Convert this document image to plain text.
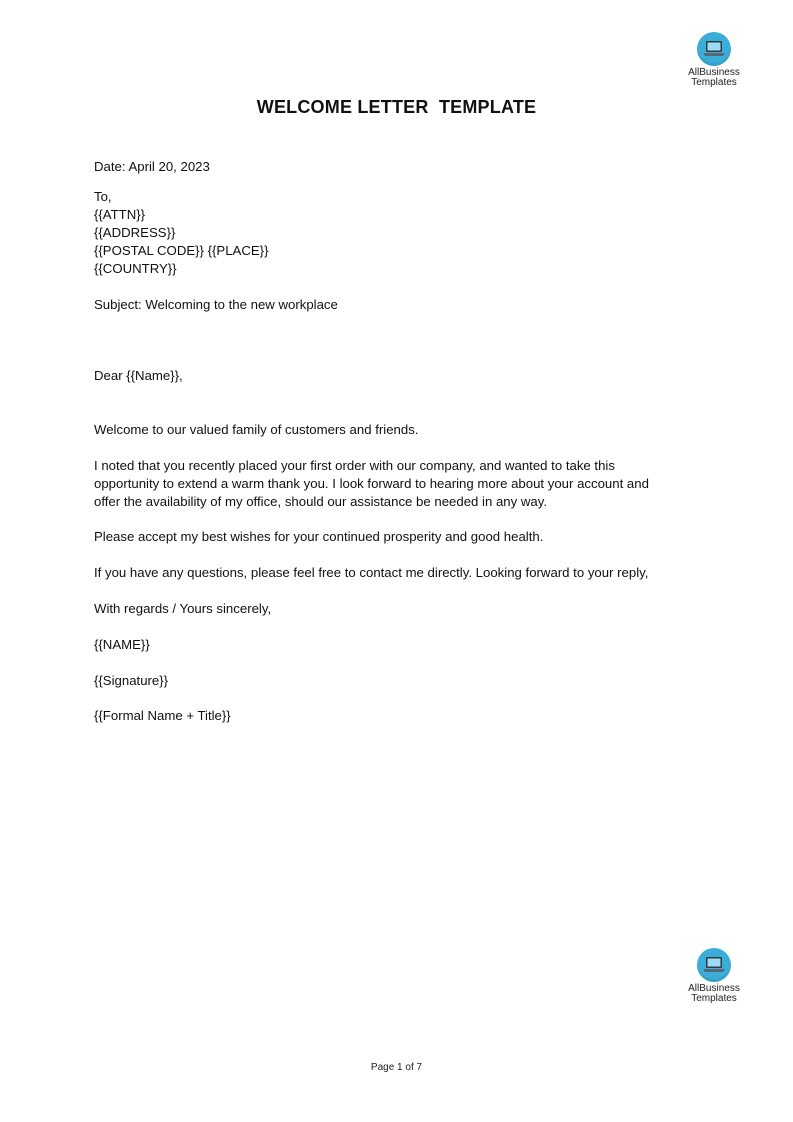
AllBusiness
Templates
WELCOME LETTER  TEMPLATE
Date: April 20, 2023
To,
{{ATTN}}
{{ADDRESS}}
{{POSTAL CODE}} {{PLACE}}
{{COUNTRY}}
Subject: Welcoming to the new workplace
Dear {{Name}},
Welcome to our valued family of customers and friends.
I noted that you recently placed your first order with our company, and wanted to take this
opportunity to extend a warm thank you. I look forward to hearing more about your account and
offer the availability of my office, should our assistance be needed in any way.
Please accept my best wishes for your continued prosperity and good health.
If you have any questions, please feel free to contact me directly. Looking forward to your reply,
With regards / Yours sincerely,
{{NAME}}
{{Signature}}
{{Formal Name + Title}}
AllBusiness
Templates
Page 1 of 7
